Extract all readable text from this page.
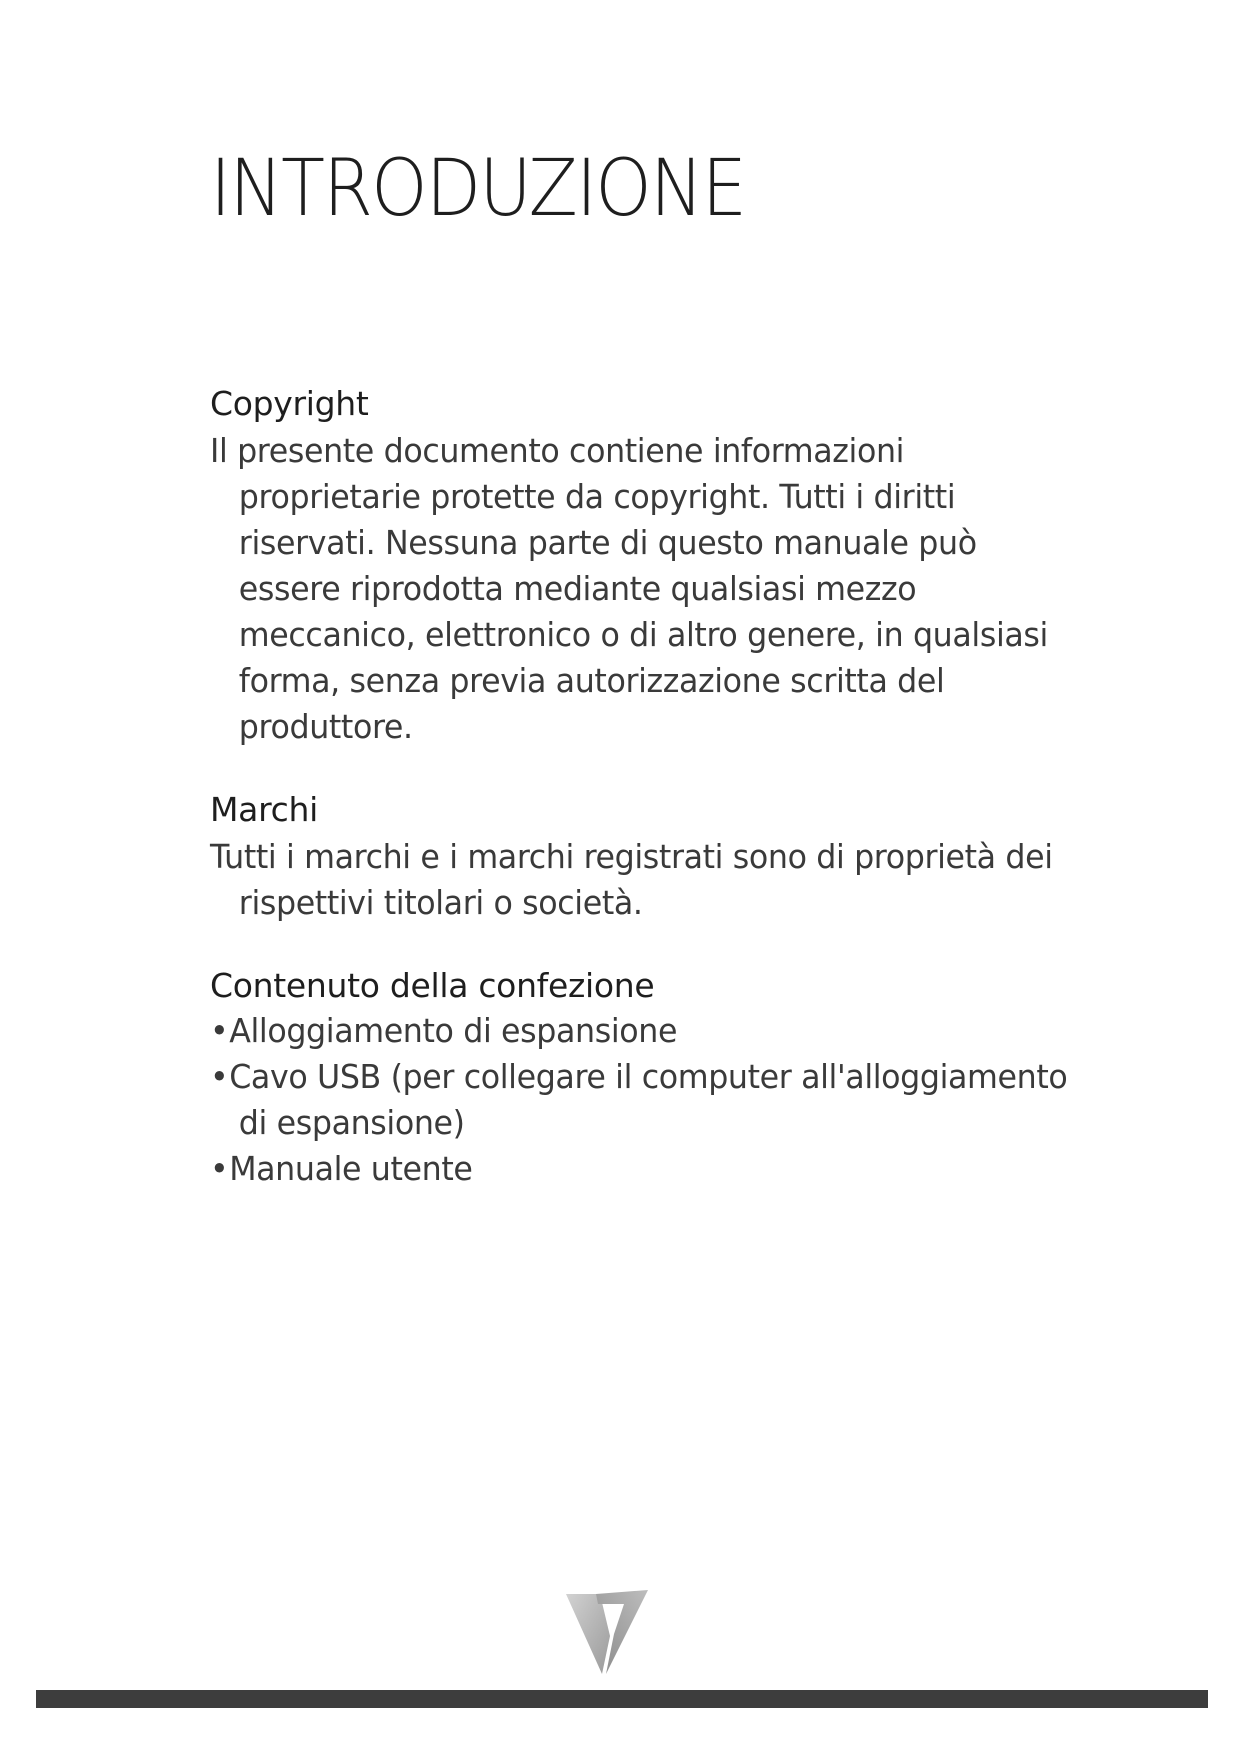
INTRODUZIONE
Copyright

Il presente documento contiene informazioni proprietarie protette da copyright. Tutti i diritti riservati. Nessuna parte di questo manuale può essere riprodotta mediante qualsiasi mezzo meccanico, elettronico o di altro genere, in qualsiasi forma, senza previa autorizzazione scritta del produttore.

Marchi

Tutti i marchi e i marchi registrati sono di proprietà dei rispettivi titolari o società.

Contenuto della confezione
•Alloggiamento di espansione
•Cavo USB (per collegare il computer all'alloggiamento di espansione)
•Manuale utente
